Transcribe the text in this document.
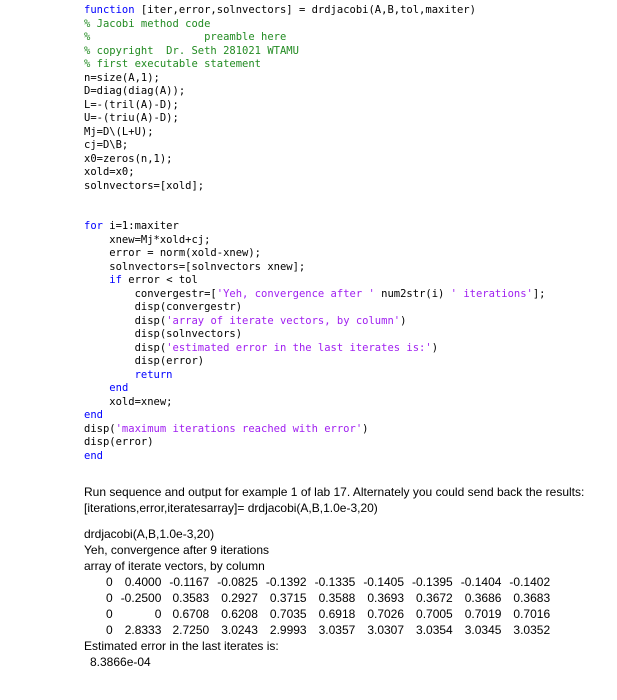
function [iter,error,solnvectors] = drdjacobi(A,B,tol,maxiter)
% Jacobi method code
%                  preamble here
% copyright  Dr. Seth 281021 WTAMU
% first executable statement
n=size(A,1);
D=diag(diag(A));
L=-(tril(A)-D);
U=-(triu(A)-D);
Mj=D\(L+U);
cj=D\B;
x0=zeros(n,1);
xold=x0;
solnvectors=[xold];
for i=1:maxiter
xnew=Mj*xold+cj;
error = norm(xold-xnew);
solnvectors=[solnvectors xnew];
if error < tol
convergestr=['Yeh, convergence after ' num2str(i) ' iterations'];
disp(convergestr)
disp('array of iterate vectors, by column')
disp(solnvectors)
disp('estimated error in the last iterates is:')
disp(error)
return
end
xold=xnew;
end
disp('maximum iterations reached with error')
disp(error)
end

Run sequence and output for example 1 of lab 17. Alternately you could send back the results:

[iterations,error,iteratesarray]= drdjacobi(A,B,1.0e-3,20)

drdjacobi(A,B,1.0e-3,20)

Yeh, convergence after 9 iterations

array of iterate vectors, by column

0	0.4000	-0.1167	-0.0825	-0.1392	-0.1335	-0.1405	-0.1395	-0.1404	-0.1402
0	-0.2500	0.3583	0.2927	0.3715	0.3588	0.3693	0.3672	0.3686	0.3683
0	0	0.6708	0.6208	0.7035	0.6918	0.7026	0.7005	0.7019	0.7016
0	2.8333	2.7250	3.0243	2.9993	3.0357	3.0307	3.0354	3.0345	3.0352

Estimated error in the last iterates is:

8.3866e-04
